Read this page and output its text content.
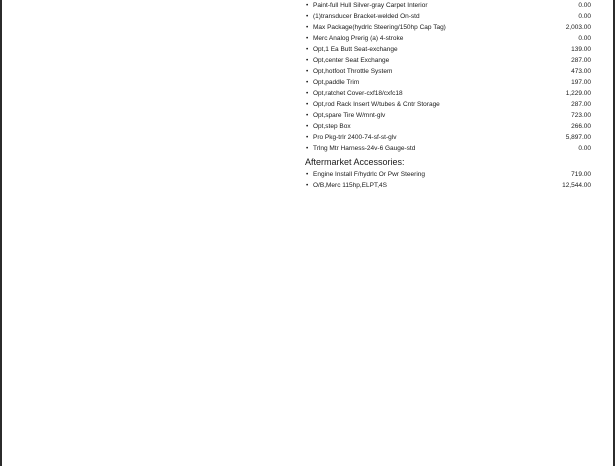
• Paint-full Hull Silver-gray Carpet Interior	0.00
• (1)transducer Bracket-welded On-std	0.00
• Max Package(hydrlc Steering/150hp Cap Tag)	2,003.00
• Merc Analog Prerig (a) 4-stroke	0.00
• Opt,1 Ea Butt Seat-exchange	139.00
• Opt,center Seat Exchange	287.00
• Opt,hotfoot Throttle System	473.00
• Opt,paddle Trim	197.00
• Opt,ratchet Cover-cxf18/cxfc18	1,229.00
• Opt,rod Rack Insert W/tubes & Cntr Storage	287.00
• Opt,spare Tire W/mnt-glv	723.00
• Opt,step Box	266.00
• Pro Pkg-trlr 2400-74-sf-st-glv	5,897.00
• Trlng Mtr Harness-24v-6 Gauge-std	0.00
Aftermarket Accessories:
• Engine Install F/hydrlc Or Pwr Steering	719.00
• O/B,Merc 115hp,ELPT,4S	12,544.00
